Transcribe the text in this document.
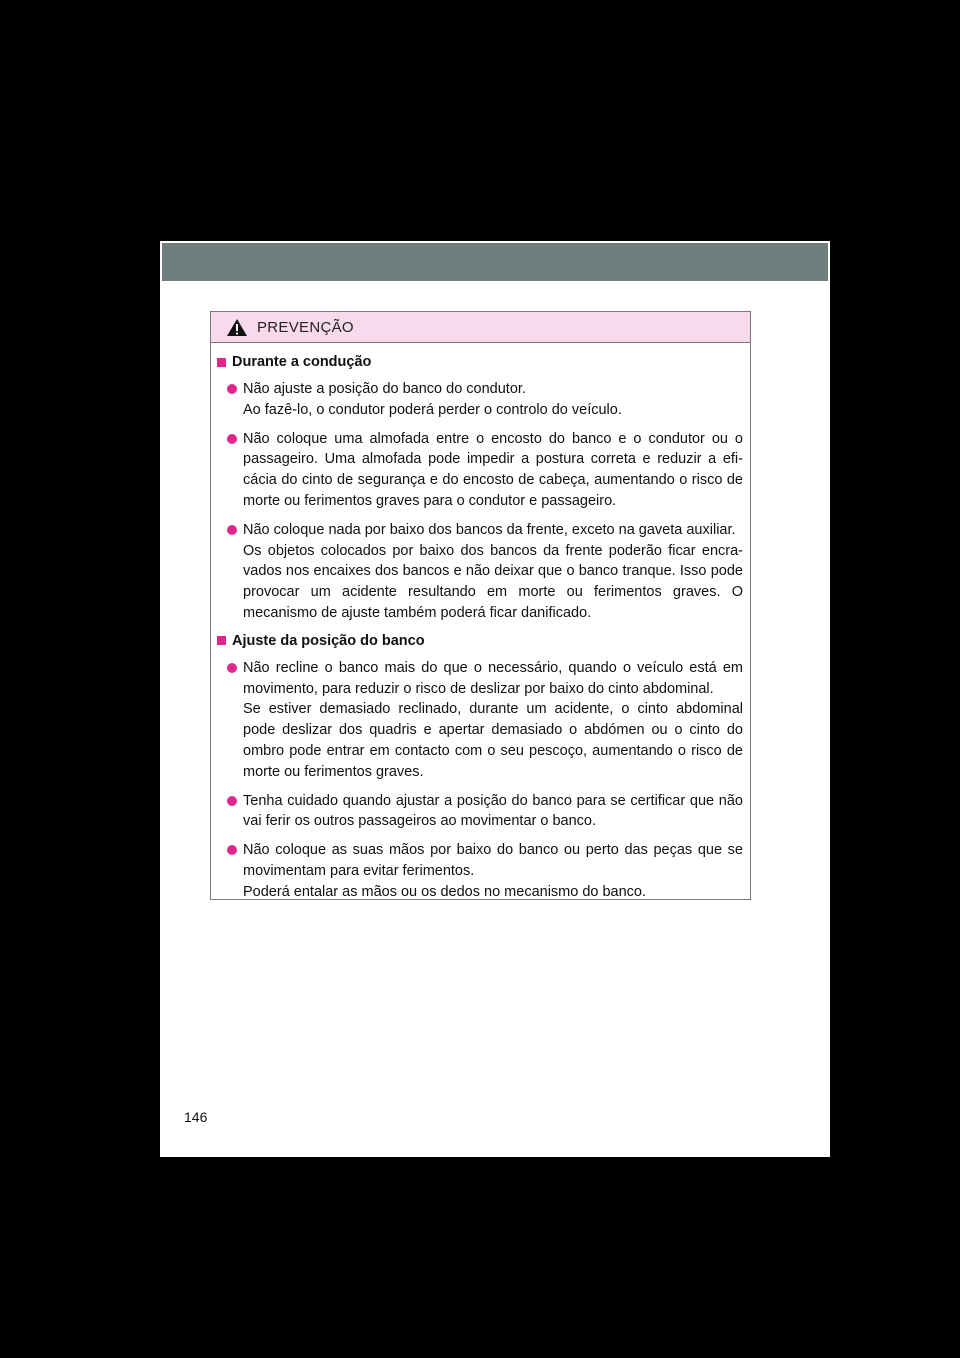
PREVENÇÃO
Durante a condução

Não ajuste a posição do banco do condutor.

Ao fazê-lo, o condutor poderá perder o controlo do veículo.

Não coloque uma almofada entre o encosto do banco e o condutor ou o passageiro. Uma almofada pode impedir a postura correta e reduzir a eficácia do cinto de segurança e do encosto de cabeça, aumentando o risco de morte ou ferimentos graves para o condutor e passageiro.

Não coloque nada por baixo dos bancos da frente, exceto na gaveta auxiliar.

Os objetos colocados por baixo dos bancos da frente poderão ficar encravados nos encaixes dos bancos e não deixar que o banco tranque. Isso pode provocar um acidente resultando em morte ou ferimentos graves. O mecanismo de ajuste também poderá ficar danificado.

Ajuste da posição do banco

Não recline o banco mais do que o necessário, quando o veículo está em movimento, para reduzir o risco de deslizar por baixo do cinto abdominal.

Se estiver demasiado reclinado, durante um acidente, o cinto abdominal pode deslizar dos quadris e apertar demasiado o abdómen ou o cinto do ombro pode entrar em contacto com o seu pescoço, aumentando o risco de morte ou ferimentos graves.

Tenha cuidado quando ajustar a posição do banco para se certificar que não vai ferir os outros passageiros ao movimentar o banco.

Não coloque as suas mãos por baixo do banco ou perto das peças que se movimentam para evitar ferimentos.

Poderá entalar as mãos ou os dedos no mecanismo do banco.

146
